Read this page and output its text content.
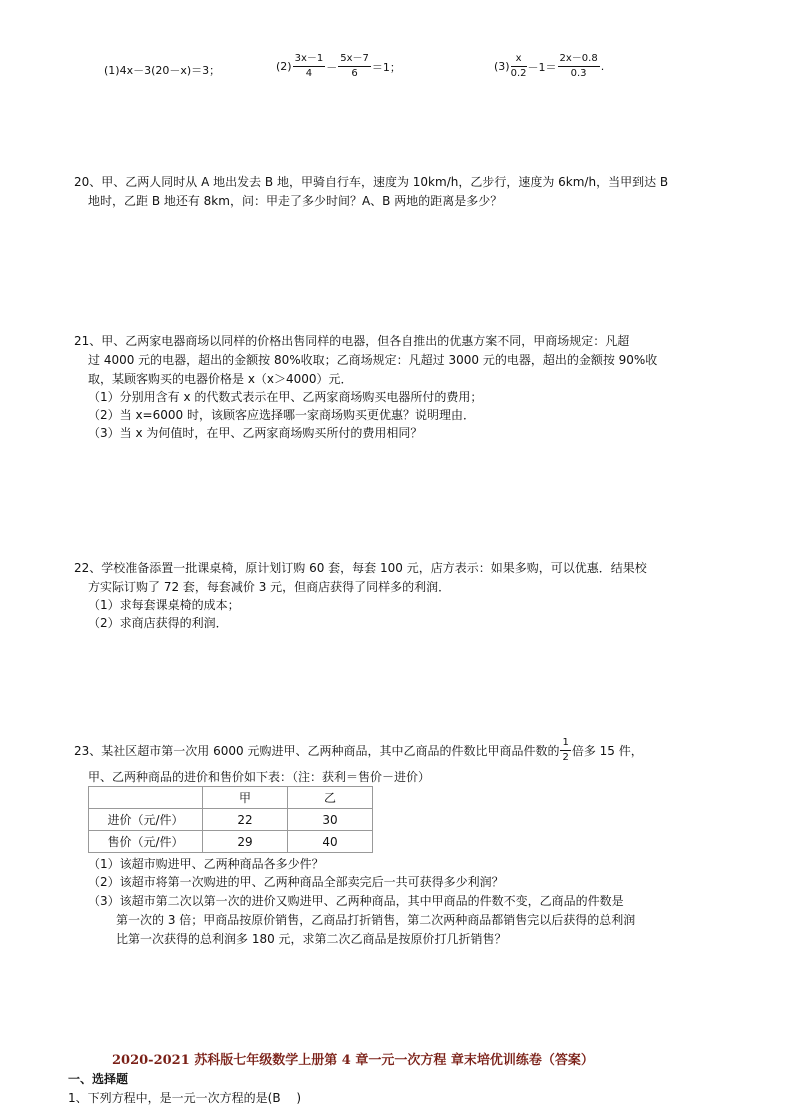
(1)4x－3(20－x)＝3；	$(2) \frac{3x-1}{4} - \frac{5x-7}{6} =1$；	$(3) \frac{x}{0.2} -1= \frac{2x-0.8}{0.3}$ .
20、甲、乙两人同时从 A 地出发去 B 地，甲骑自行车，速度为 10km/h，乙步行，速度为 6km/h，当甲到达 B
地时，乙距 B 地还有 8km，问：甲走了多少时间？A、B 两地的距离是多少？
21、甲、乙两家电器商场以同样的价格出售同样的电器，但各自推出的优惠方案不同，甲商场规定：凡超
过 4000 元的电器，超出的金额按 80%收取；乙商场规定：凡超过 3000 元的电器，超出的金额按 90%收
取，某顾客购买的电器价格是 x（x＞4000）元．
（1）分别用含有 x 的代数式表示在甲、乙两家商场购买电器所付的费用；
（2）当 x=6000 时，该顾客应选择哪一家商场购买更优惠？说明理由．
（3）当 x 为何值时，在甲、乙两家商场购买所付的费用相同？
22、学校准备添置一批课桌椅，原计划订购 60 套，每套 100 元，店方表示：如果多购，可以优惠．结果校
方实际订购了 72 套，每套减价 3 元，但商店获得了同样多的利润．
（1）求每套课桌椅的成本；
（2）求商店获得的利润．
23、某社区超市第一次用 6000 元购进甲、乙两种商品，其中乙商品的件数比甲商品件数的 $\frac{1}{2}$ 倍多 15 件，
甲、乙两种商品的进价和售价如下表：（注：获利＝售价－进价）
	甲	乙
进价（元/件）	22	30
售价（元/件）	29	40
（1）该超市购进甲、乙两种商品各多少件？
（2）该超市将第一次购进的甲、乙两种商品全部卖完后一共可获得多少利润？
（3）该超市第二次以第一次的进价又购进甲、乙两种商品，其中甲商品的件数不变，乙商品的件数是
第一次的 3 倍；甲商品按原价销售，乙商品打折销售，第二次两种商品都销售完以后获得的总利润
比第一次获得的总利润多 180 元，求第二次乙商品是按原价打几折销售？
2020-2021 苏科版七年级数学上册第 4 章一元一次方程 章末培优训练卷（答案）
一、选择题
1、下列方程中，是一元一次方程的是(B　 )
